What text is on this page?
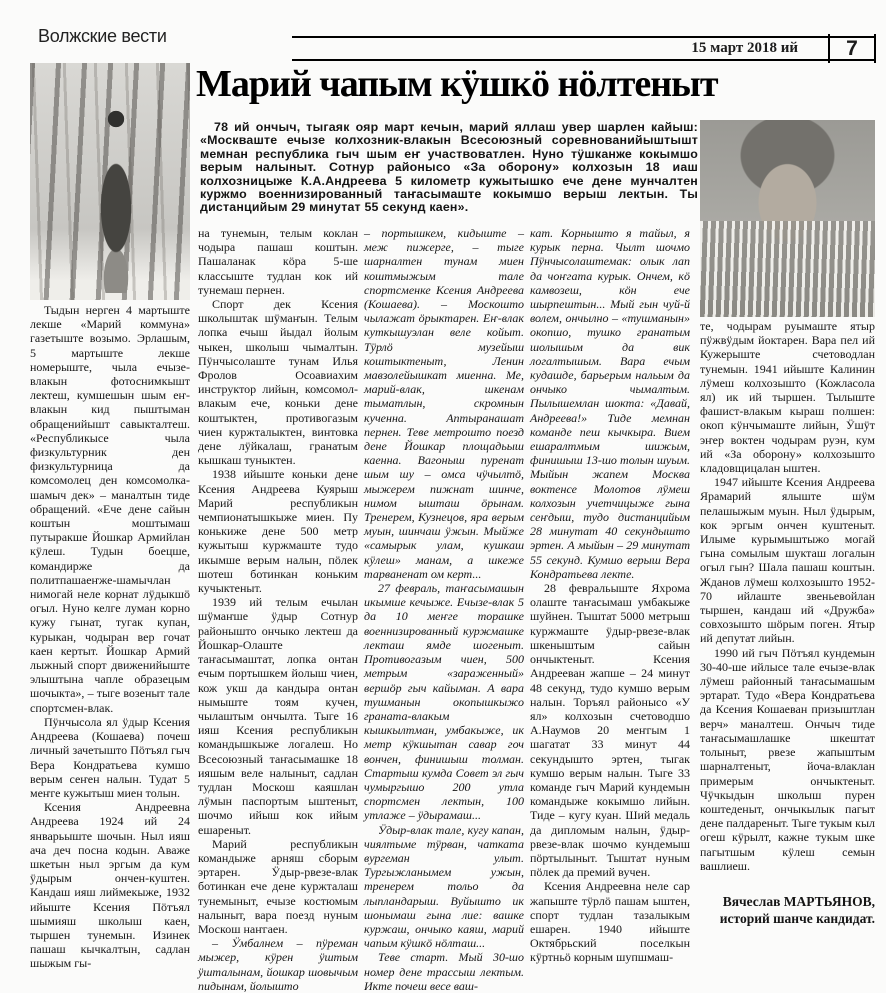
Волжские вести
15 март 2018 ий	7
Марий чапым кӱшкӧ нӧлтеныт

78 ий ончыч, тыгаяк ояр март кечын, марий яллаш увер шарлен кайыш: «Москваште ечызе колхозник-влакын Всесоюзный соревнованийыштышт мемнан республика гыч шым еҥ участвоватлен. Нуно тӱшканже кокымшо верым налыныт. Сотнур районысо «За оборону» колхозын 18 иаш колхозницыже К.А.Андреева 5 километр кужытышко ече дене мунчалтен куржмо военнизированный таҥасымаште кокымшо верыш лектын. Ты дистанцийым 29 минутат 55 секунд каен».

Тыдын нерген 4 мартыште лекше «Марий коммуна» газетыште возымо. Эрлашым, 5 мартыште лекше номерыште, чыла ечызе-влакын фотоснимкышт лектеш, кумшешын шым еҥ-влакын кид пыштыман обращенийышт савыкталтеш. «Республикысе чыла физкультурник ден физкультурница да комсомолец ден комсомолка-шамыч дек» – маналтын тиде обращений. «Ече дене сайын коштын моштымаш путыракше Йошкар Армийлан кӱлеш. Тудын боецше, командирже да политпашаеҥже-шамычлан нимогай неле корнат лӱдыкшӧ огыл. Нуно келге луман корно кужу гынат, тугак купан, курыкан, чодыран вер гочат каен кертыт. Йошкар Армий лыжный спорт движенийыште элыштына чапле образецым шочыкта», – тыге возеныт тале спортсмен-влак.

Пӱнчысола ял ӱдыр Ксения Андреева (Кошаева) почеш личный зачетышто Пӧтъял гыч Вера Кондратьева кумшо верым сеҥен налын. Тудат 5 меҥге кужытыш миен толын.

Ксения Андреевна Андреева 1924 ий 24 январьыште шочын. Ныл ияш ача деч посна кодын. Аваже шкетын ныл эргым да кум ӱдырым ончен-куштен. Кандаш ияш лиймекыже, 1932 ийыште Ксения Пӧтъял шымияш школыш каен, тыршен тунемын. Изинек пашаш кычкалтын, садлан шыжым гы-

на тунемын, телым коклан чодыра пашаш коштын. Пашаланак кӧра 5-ше классыште тудлан кок ий тунемаш пернен.

Спорт дек Ксения школыштак шӱмаҥын. Телым лопка ечыш йыдал йолым чыкен, школыш чымалтын. Пӱнчысолаште тунам Илья Фролов Осоавиахим инструктор лийын, комсомол-влакым ече, коньки дене коштыктен, противогазым чиен куржталыктен, винтовка дене лӱйкалаш, гранатым кышкаш туныктен.

1938 ийыште коньки дене Ксения Андреева Куярыш Марий республикын чемпионатышкыже миен. Пу конькиже дене 500 метр кужытыш куржмаште тудо икымше верым налын, пӧлек шотеш ботинкан коньким кучыктеныт.

1939 ий телым ечылан шӱмаҥше ӱдыр Сотнур районышто ончыко лектеш да Йошкар-Олаште таҥасымаштат, лопка онтан ечым портышкем йолыш чиен, кож укш да кандыра онтан нымыште тоям кучен, чылаштым ончылта. Тыге 16 ияш Ксения республикын командышкыже логалеш. Но Всесоюзный таҥасымашке 18 ияшым веле налыныт, садлан тудлан Москош каяшлан лӱмын паспортым ыштеныт, шочмо ийыш кок ийым ешареныт.

Марий республикын командыже арняш сборым эртарен. Ӱдыр-рвезе-влак ботинкан ече дене куржталаш тунемыныт, ечызе костюмым налыныт, вара поезд нуным Москош наҥгаен.

– Ӱмбалнем – пӱреман мыжер, кӱрен ӱштым ӱшталынам, йошкар шовычым пидынам, йолышто

– портышкем, кидыште – меж пижерге, – тыге шарналтен тунам миен коштмыжым тале спортсменке Ксения Андреева (Кошаева). – Москошто чылажат ӧрыктарен. Еҥ-влак куткышуэлан веле койыт. Тӱрлӧ музейыш коштыктеныт, Ленин мавзолейышкат миенна. Ме, марий-влак, шкенам тыматлын, скромнын кученна. Аптыранашат пернен. Теве метрошто поезд дене Йошкар площадьыш каенна. Вагоныш пуренат шым шу – омса чӱчылтӧ, мыжерем пижнат шинче, нимом ышташ ӧрынам. Тренерем, Кузнецов, яра верым муын, шинчаш ӱжын. Мыйже «самырык улам, кушкаш кӱлеш» манам, а шкеже тарваненат ом керт...

27 февраль, таҥасымашын икымше кечыже. Ечызе-влак 5 да 10 меҥге торашке военнизированный куржмашке лекташ ямде шогеныт. Противогазым чиен, 500 метрым «зараженный» вершӧр гыч кайыман. А вара тушманын окопышкыжо граната-влакым кышкылтман, умбакыже, ик метр кӱкшытан савар гоч вончен, финишыш толман. Стартыш кумда Совет эл гыч чумыргышо 200 утла спортсмен лектын, 100 утлаже – ӱдырамаш...

Ӱдыр-влак тале, кугу капан, чиялтыме тӱрван, чатката вургеман улыт. Тургыжланымем ужын, тренерем тольо да лыпландарыш. Вуйышто ик шонымаш гына лие: вашке куржаш, ончыко каяш, марий чапым кӱшкӧ нӧлташ...

Теве старт. Мый 30-шо номер дене трассыш лектым. Икте почеш весе ваш-

кат. Корнышто я тайыл, я курык перна. Чылт шочмо Пӱнчысолаштемак: олык лап да чоҥгата курык. Ончем, кӧ камвозеш, кӧн ече шырпештын... Мый гын чуй-й волем, ончылно – «тушманын» окопшо, тушко гранатым шолышым да вик логалтышым. Вара ечым кудашде, барьерым нальым да ончыко чымалтым. Пылышемлан шокта: «Давай, Андреева!» Тиде мемнан команде пеш кычкыра. Вием ешаралтмым шижым, финишыш 13-шо толын шуым. Мыйын жапем Москва воктенсе Молотов лӱмеш колхозын учетчицыже гына сеҥдыш, тудо дистанцийым 28 минутат 40 секундышто эртен. А мыйын – 29 минутат 55 секунд. Кумшо верыш Вера Кондратьева лекте.

28 февральыште Яхрома олаште таҥасымаш умбакыже шуйнен. Тыштат 5000 метрыш куржмаште ӱдыр-рвезе-влак шкеныштым сайын ончыктеныт. Ксения Андрееван жапше – 24 минут 48 секунд, тудо кумшо верым налын. Торъял районысо «У ял» колхозын счетоводшо А.Наумов 20 меҥгым 1 шагатат 33 минут 44 секундышто эртен, тыгак кумшо верым налын. Тыге 33 команде гыч Марий кундемын командыже кокымшо лийын. Тиде – кугу куан. Ший медаль да дипломым налын, ӱдыр-рвезе-влак шочмо кундемыш пӧртылыныт. Тыштат нуным пӧлек да премий вучен.

Ксения Андреевна неле сар жапыште тӱрлӧ пашам ыштен, спорт тудлан тазалыкым ешарен. 1940 ийыште Октябрьский поселкын кӱртньӧ корным шупшмаш-

те, чодырам руымаште ятыр пӱжвӱдым йоктарен. Вара пел ий Кужерыште счетоводлан тунемын. 1941 ийыште Калинин лӱмеш колхозышто (Кожласола ял) ик ий тыршен. Тылыште фашист-влакым кыраш полшен: окоп кӱнчымаште лийын, Ӱшӱт эҥер воктен чодырам руэн, кум ий «За оборону» колхозышто кладовщицалан ыштен.

1947 ийыште Ксения Андреева Ярамарий ялыште шӱм пелашыжым муын. Ныл ӱдырым, кок эргым ончен куштеныт. Илыме курымыштыжо могай гына сомылым шукташ логалын огыл гын? Шала пашаш коштын. Жданов лӱмеш колхозышто 1952-70 ийлаште звеньевойлан тыршен, кандаш ий «Дружба» совхозышто шӧрым поген. Ятыр ий депутат лийын.

1990 ий гыч Пӧтъял кундемын 30-40-ше ийлысе тале ечызе-влак лӱмеш районный таҥасымашым эртарат. Тудо «Вера Кондратьева да Ксения Кошаеван призыштлан верч» маналтеш. Ончыч тиде таҥасымашлашке шкештат толыныт, рвезе жапыштым шарналтеныт, йоча-влаклан примерым ончыктеныт. Чӱчкыдын школыш пурен коштеденыт, ончыкылык пагыт дене палдареныт. Тыге тукым кыл огеш кӱрылт, кажне тукым шке пагытшым кӱлеш семын вашлиеш.

Вячеслав МАРТЬЯНОВ,
историй шанче кандидат.
